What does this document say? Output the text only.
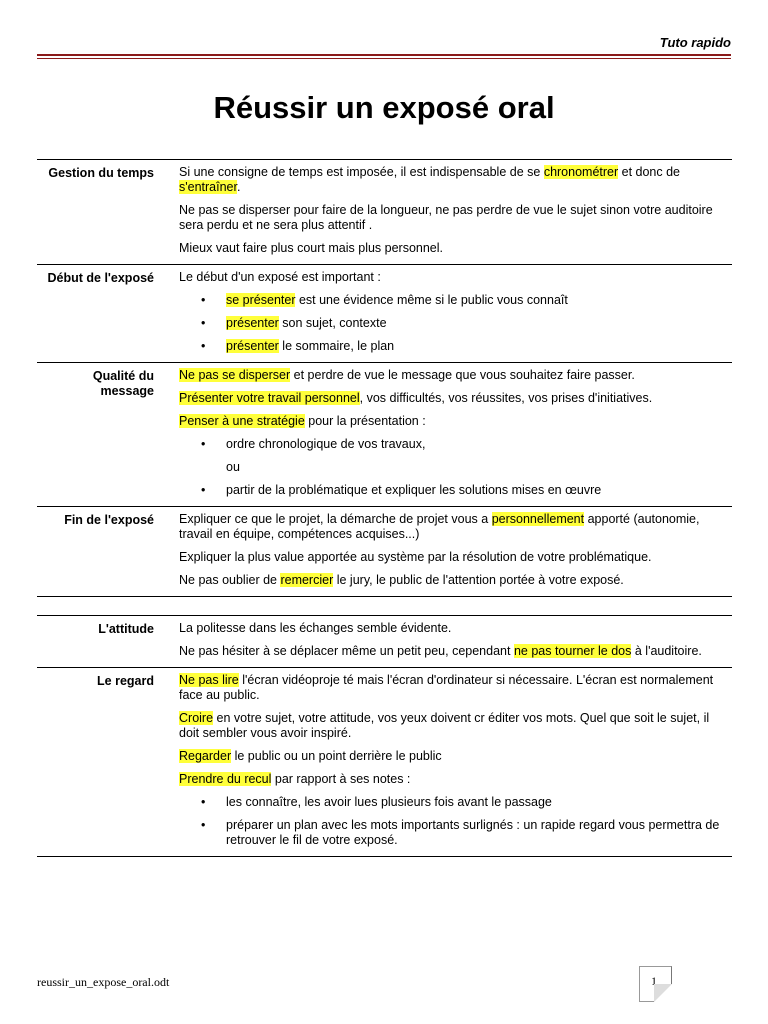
Tuto rapido
Réussir un exposé oral
Gestion du temps Si une consigne de temps est imposée, il est indispensable de se chronométrer et donc de s'entraîner.

Ne pas se disperser pour faire de la longueur, ne pas perdre de vue le sujet sinon votre auditoire sera perdu et ne sera plus attentif .

Mieux vaut faire plus court mais plus personnel.

Début de l'exposé Le début d'un exposé est important :

• se présenter est une évidence même si le public vous connaît
• présenter son sujet, contexte
• présenter le sommaire, le plan
Qualité du message

Ne pas se disperser et perdre de vue le message que vous souhaitez faire passer.

Présenter votre travail personnel, vos difficultés, vos réussites, vos prises d'initiatives.

Penser à une stratégie pour la présentation :

• ordre chronologique de vos travaux,
ou
• partir de la problématique et expliquer les solutions mises en œuvre
Fin de l'exposé Expliquer ce que le projet, la démarche de projet vous a personnellement apporté (autonomie, travail en équipe, compétences acquises...)

Expliquer la plus value apportée au système par la résolution de votre problématique.

Ne pas oublier de remercier le jury, le public de l'attention portée à votre exposé.

L'attitude La politesse dans les échanges semble évidente.

Ne pas hésiter à se déplacer même un petit peu, cependant ne pas tourner le dos à l'auditoire.

Le regard Ne pas lire l'écran vidéoproje té mais l'écran d'ordinateur si nécessaire. L'écran est normalement face au public.

Croire en votre sujet, votre attitude, vos yeux doivent cr éditer vos mots. Quel que soit le sujet, il doit sembler vous avoir inspiré.

Regarder le public ou un point derrière le public

Prendre du recul par rapport à ses notes :

• les connaître, les avoir lues plusieurs fois avant le passage
• préparer un plan avec les mots importants surlignés : un rapide regard vous permettra de retrouver le fil de votre exposé.
reussir_un_expose_oral.odt	1
